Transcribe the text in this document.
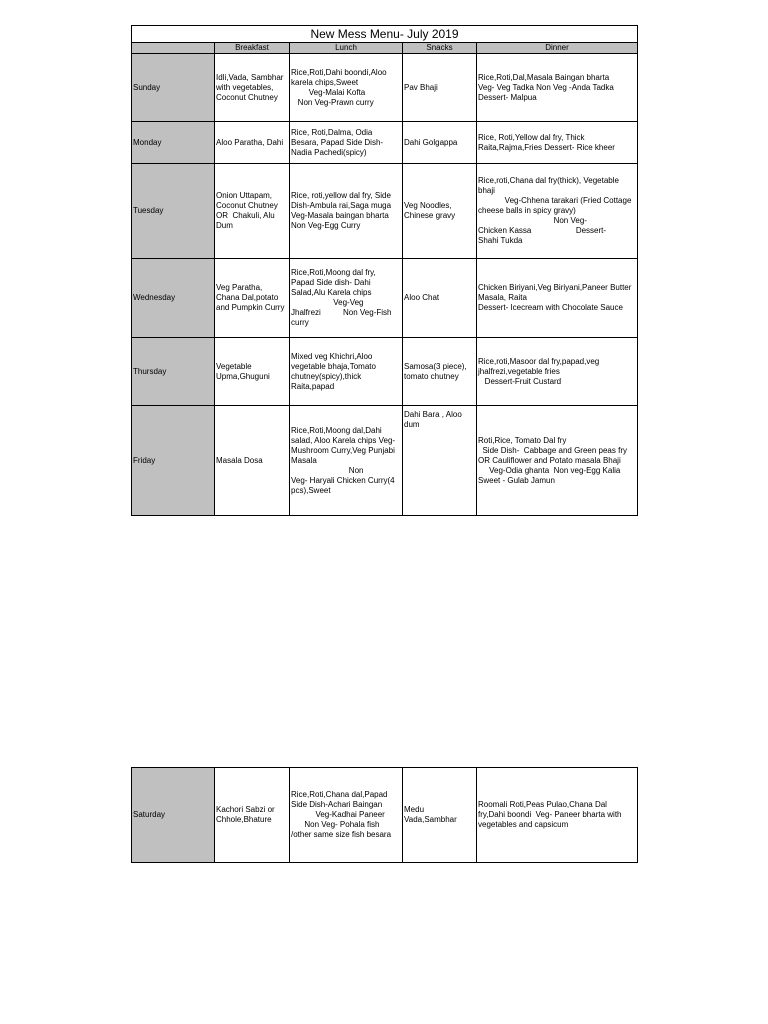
New Mess Menu- July 2019				
	Breakfast	Lunch	Snacks	Dinner
Sunday	Idli,Vada, Sambhar with vegetables, Coconut Chutney	Rice,Roti,Dahi boondi,Aloo karela chips,Sweet
Veg-Malai Kofta
Non Veg-Prawn curry	Pav Bhaji	Rice,Roti,Dal,Masala Baingan bharta
Veg- Veg Tadka Non Veg -Anda Tadka
Dessert- Malpua
Monday	Aloo Paratha, Dahi	Rice, Roti,Dalma, Odia Besara, Papad Side Dish-Nadia Pachedi(spicy)	Dahi Golgappa	Rice, Roti,Yellow dal fry, Thick Raita,Rajma,Fries Dessert- Rice kheer
Tuesday	Onion Uttapam, Coconut Chutney OR  Chakuli, Alu Dum	Rice, roti,yellow dal fry, Side Dish-Ambula rai,Saga muga
Veg-Masala baingan bharta Non Veg-Egg Curry	Veg Noodles, Chinese gravy	Rice,roti,Chana dal fry(thick), Vegetable bhaji
Veg-Chhena tarakari (Fried Cottage cheese balls in spicy gravy)
Non Veg-
Chicken Kassa                    Dessert-
Shahi Tukda
Wednesday	Veg Paratha, Chana Dal,potato and Pumpkin Curry	Rice,Roti,Moong dal fry, Papad Side dish- Dahi Salad,Alu Karela chips
Veg-Veg
Jhalfrezi          Non Veg-Fish curry	Aloo Chat	Chicken Biriyani,Veg Biriyani,Paneer Butter Masala, Raita
Dessert- Icecream with Chocolate Sauce
Thursday	Vegetable Upma,Ghuguni	Mixed veg Khichri,Aloo vegetable bhaja,Tomato chutney(spicy),thick Raita,papad	Samosa(3 piece), tomato chutney	Rice,roti,Masoor dal fry,papad,veg jhalfrezi,vegetable fries
Dessert-Fruit Custard
Friday	Masala Dosa	Rice,Roti,Moong dal,Dahi salad, Aloo Karela chips Veg-Mushroom Curry,Veg Punjabi Masala
Non
Veg- Haryali Chicken Curry(4 pcs),Sweet	Dahi Bara , Aloo dum	Roti,Rice, Tomato Dal fry
Side Dish-  Cabbage and Green peas fry OR Cauliflower and Potato masala Bhaji
Veg-Odia ghanta  Non veg-Egg Kalia                   Sweet - Gulab Jamun
Saturday	Kachori Sabzi or Chhole,Bhature	Rice,Roti,Chana dal,Papad Side Dish-Achari Baingan
Veg-Kadhai Paneer
Non Veg- Pohala fish /other same size fish besara	Medu Vada,Sambhar	Roomali Roti,Peas Pulao,Chana Dal fry,Dahi boondi  Veg- Paneer bharta with vegetables and capsicum
